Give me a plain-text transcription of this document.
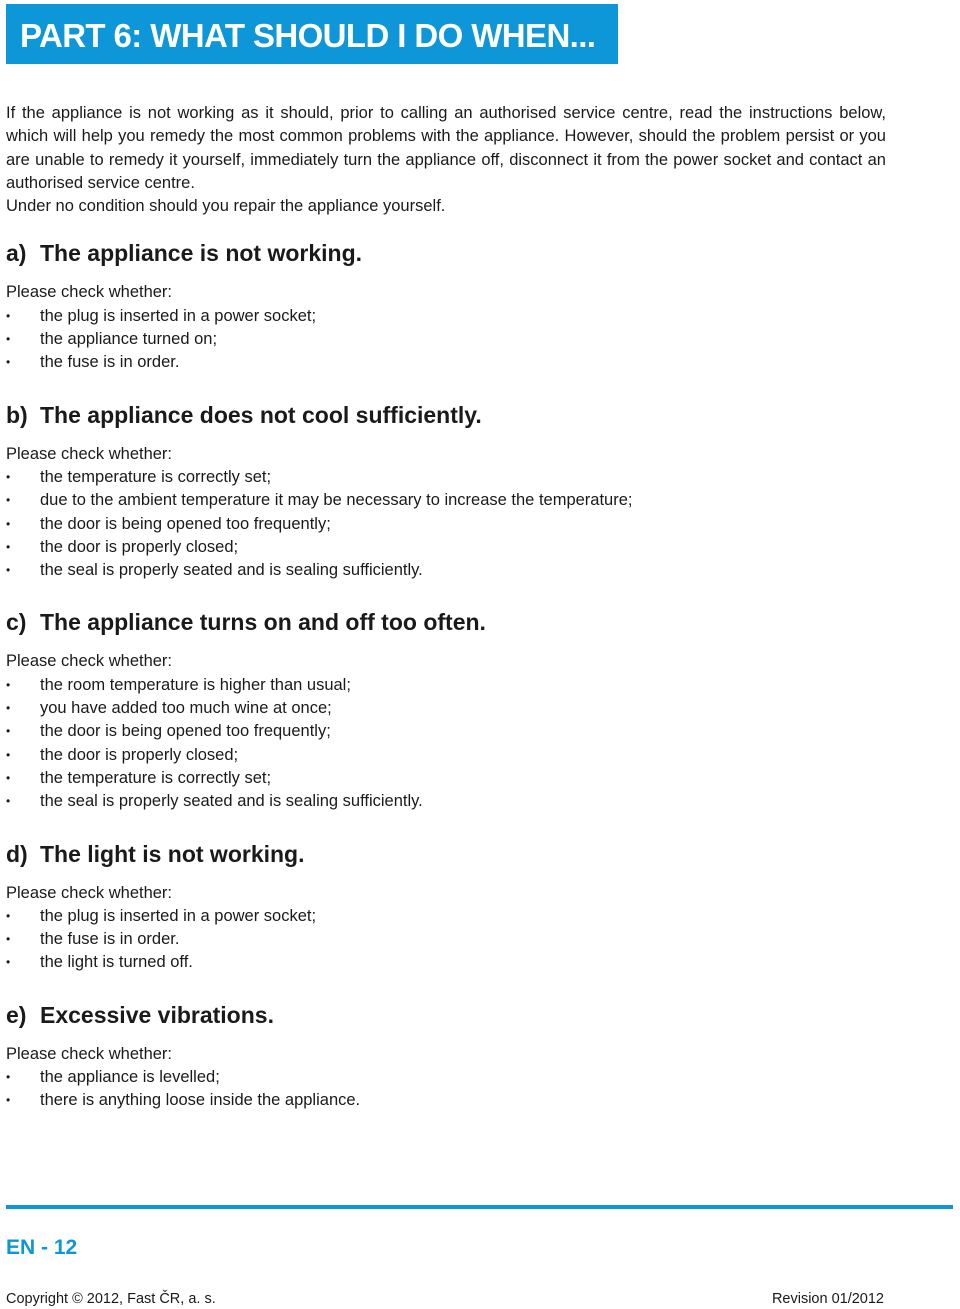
PART 6: WHAT SHOULD I DO WHEN...

If the appliance is not working as it should, prior to calling an authorised service centre, read the instructions below, which will help you remedy the most common problems with the appliance. However, should the problem persist or you are unable to remedy it yourself, immediately turn the appliance off, disconnect it from the power socket and contact an authorised service centre.

Under no condition should you repair the appliance yourself.

a) The appliance is not working.

Please check whether:

•	the plug is inserted in a power socket;
•	the appliance turned on;
•	the fuse is in order.
b) The appliance does not cool sufficiently.

Please check whether:

•	the temperature is correctly set;
•	due to the ambient temperature it may be necessary to increase the temperature;
•	the door is being opened too frequently;
•	the door is properly closed;
•	the seal is properly seated and is sealing sufficiently.
c) The appliance turns on and off too often.

Please check whether:

•	the room temperature is higher than usual;
•	you have added too much wine at once;
•	the door is being opened too frequently;
•	the door is properly closed;
•	the temperature is correctly set;
•	the seal is properly seated and is sealing sufficiently.
d) The light is not working.

Please check whether:

•	the plug is inserted in a power socket;
•	the fuse is in order.
•	the light is turned off.
e) Excessive vibrations.

Please check whether:

•	the appliance is levelled;
•	there is anything loose inside the appliance.
EN - 12
Copyright © 2012, Fast ČR, a. s.	Revision 01/2012
